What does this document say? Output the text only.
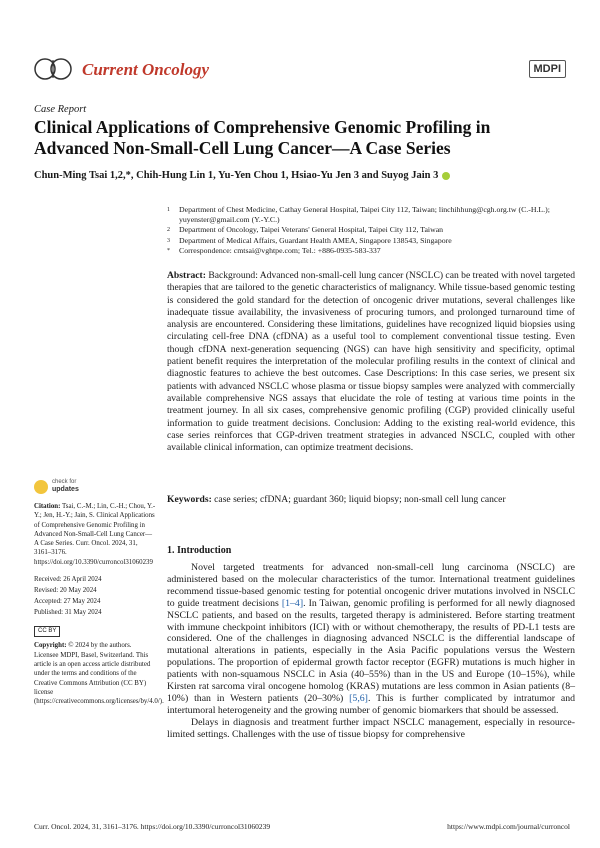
Current Oncology	MDPI
Case Report
Clinical Applications of Comprehensive Genomic Profiling in Advanced Non-Small-Cell Lung Cancer—A Case Series
Chun-Ming Tsai 1,2,*, Chih-Hung Lin 1, Yu-Yen Chou 1, Hsiao-Yu Jen 3 and Suyog Jain 3
1	Department of Chest Medicine, Cathay General Hospital, Taipei City 112, Taiwan; linchihhung@cgh.org.tw (C.-H.L.); yuyenster@gmail.com (Y.-Y.C.)
2	Department of Oncology, Taipei Veterans' General Hospital, Taipei City 112, Taiwan
3	Department of Medical Affairs, Guardant Health AMEA, Singapore 138543, Singapore
*	Correspondence: cmtsai@vghtpe.com; Tel.: +886-0935-583-337
Abstract: Background: Advanced non-small-cell lung cancer (NSCLC) can be treated with novel targeted therapies that are tailored to the genetic characteristics of malignancy. While tissue-based genomic testing is considered the gold standard for the detection of oncogenic driver mutations, several challenges like inadequate tissue availability, the invasiveness of procuring tumors, and prolonged turnaround time of analysis are encountered. Considering these limitations, guidelines have recognized liquid biopsies using circulating cell-free DNA (cfDNA) as a useful tool to complement conventional tissue testing. Even though cfDNA next-generation sequencing (NGS) can have high sensitivity and specificity, optimal patient benefit requires the interpretation of the molecular profiling results in the context of clinical and diagnostic features to achieve the best outcomes. Case Descriptions: In this case series, we present six patients with advanced NSCLC whose plasma or tissue biopsy samples were analyzed with commercially available comprehensive NGS assays that elucidate the role of testing at various time points in the treatment journey. In all six cases, comprehensive genomic profiling (CGP) provided clinically useful information to guide treatment decisions. Conclusion: Adding to the existing real-world evidence, this case series reinforces that CGP-driven treatment strategies in advanced NSCLC, coupled with other available clinical information, can optimize treatment decisions.
Keywords: case series; cfDNA; guardant 360; liquid biopsy; non-small cell lung cancer
check for
updates

Citation: Tsai, C.-M.; Lin, C.-H.; Chou, Y.-Y.; Jen, H.-Y.; Jain, S. Clinical Applications of Comprehensive Genomic Profiling in Advanced Non-Small-Cell Lung Cancer—A Case Series. Curr. Oncol. 2024, 31, 3161–3176. https://doi.org/10.3390/curroncol31060239

Received: 26 April 2024
Revised: 20 May 2024
Accepted: 27 May 2024
Published: 31 May 2024
CC BY

Copyright: © 2024 by the authors. Licensee MDPI, Basel, Switzerland. This article is an open access article distributed under the terms and conditions of the Creative Commons Attribution (CC BY) license (https://creativecommons.org/licenses/by/4.0/).

1. Introduction

Novel targeted treatments for advanced non-small-cell lung carcinoma (NSCLC) are administered based on the molecular characteristics of the tumor. International treatment guidelines recommend tissue-based genomic testing for potential oncogenic driver mutations involved in NSCLC to guide treatment decisions [1–4]. In Taiwan, genomic profiling is performed for all newly diagnosed NSCLC patients, and based on the results, targeted therapy is administered. Before starting treatment with immune checkpoint inhibitors (ICI) with or without chemotherapy, the results of PD-L1 tests are considered. One of the challenges in diagnosing advanced NSCLC is the differential landscape of mutational alterations in patients, especially in the Asia Pacific populations versus the Western populations. The proportion of epidermal growth factor receptor (EGFR) mutations is much higher in patients with non-squamous NSCLC in Asia (40–55%) than in the US and Europe (10–15%), while Kirsten rat sarcoma viral oncogene homolog (KRAS) mutations are less common in Asian patients (8–10%) than in Western patients (20–30%) [5,6]. This is further complicated by intratumor and intertumoral heterogeneity and the growing number of genomic biomarkers that should be assessed.

Delays in diagnosis and treatment further impact NSCLC management, especially in resource-limited settings. Challenges with the use of tissue biopsy for comprehensive

Curr. Oncol. 2024, 31, 3161–3176. https://doi.org/10.3390/curroncol31060239	https://www.mdpi.com/journal/curroncol
